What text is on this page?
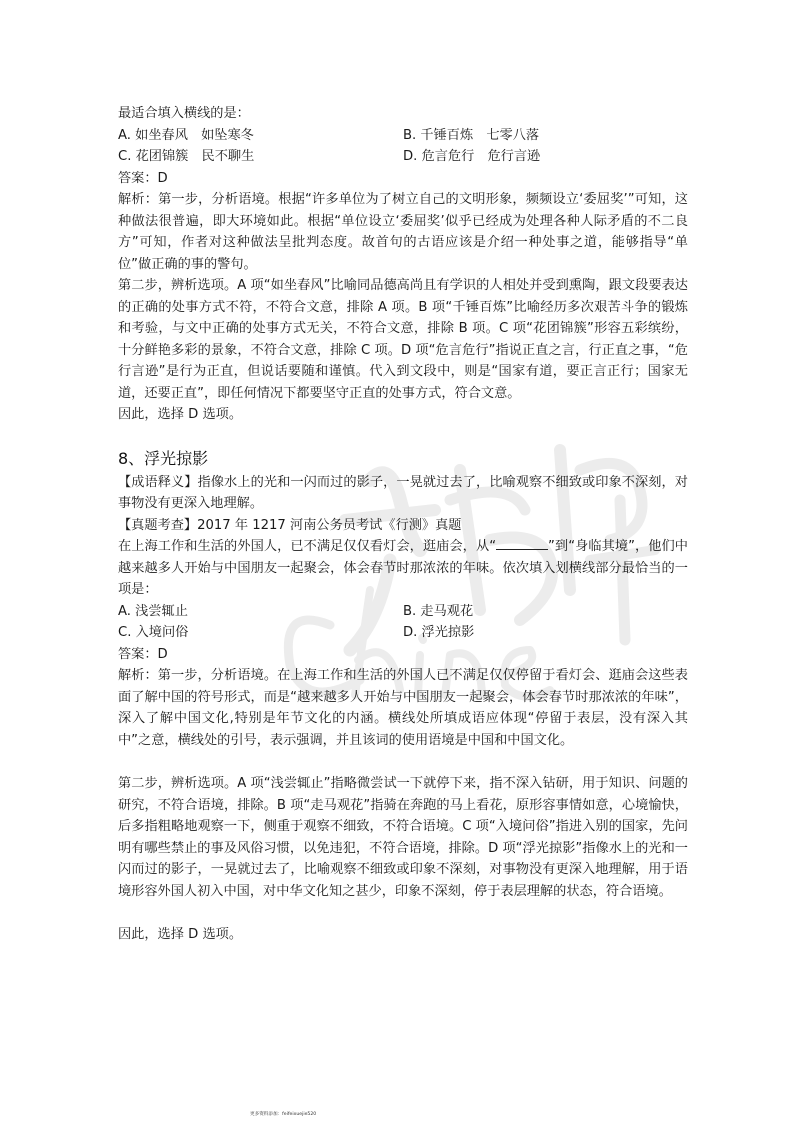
最适合填入横线的是：

A. 如坐春风　如坠寒冬	B. 千锤百炼　七零八落
C. 花团锦簇　民不聊生	D. 危言危行　危行言逊

答案：D

解析：第一步，分析语境。根据“许多单位为了树立自己的文明形象，频频设立‘委屈奖’”可知，这种做法很普遍，即大环境如此。根据“单位设立‘委屈奖’似乎已经成为处理各种人际矛盾的不二良方”可知，作者对这种做法呈批判态度。故首句的古语应该是介绍一种处事之道，能够指导“单位”做正确的事的警句。

第二步，辨析选项。A 项“如坐春风”比喻同品德高尚且有学识的人相处并受到熏陶，跟文段要表达的正确的处事方式不符，不符合文意，排除 A 项。B 项“千锤百炼”比喻经历多次艰苦斗争的锻炼和考验，与文中正确的处事方式无关，不符合文意，排除 B 项。C 项“花团锦簇”形容五彩缤纷，十分鲜艳多彩的景象，不符合文意，排除 C 项。D 项“危言危行”指说正直之言，行正直之事，“危行言逊”是行为正直，但说话要随和谨慎。代入到文段中，则是“国家有道，要正言正行；国家无道，还要正直”，即任何情况下都要坚守正直的处事方式，符合文意。

因此，选择 D 选项。

8、浮光掠影

【成语释义】指像水上的光和一闪而过的影子，一晃就过去了，比喻观察不细致或印象不深刻，对事物没有更深入地理解。

【真题考查】2017 年 1217 河南公务员考试《行测》真题

在上海工作和生活的外国人，已不满足仅仅看灯会，逛庙会，从“	”到“身临其境”，他们中越来越多人开始与中国朋友一起聚会，体会春节时那浓浓的年味。依次填入划横线部分最恰当的一项是：

A. 浅尝辄止	B. 走马观花
C. 入境问俗	D. 浮光掠影

答案：D

解析：第一步，分析语境。在上海工作和生活的外国人已不满足仅仅停留于看灯会、逛庙会这些表面了解中国的符号形式，而是“越来越多人开始与中国朋友一起聚会，体会春节时那浓浓的年味”，深入了解中国文化,特别是年节文化的内涵。横线处所填成语应体现“停留于表层，没有深入其中”之意，横线处的引号，表示强调，并且该词的使用语境是中国和中国文化。

第二步，辨析选项。A 项“浅尝辄止”指略微尝试一下就停下来，指不深入钻研，用于知识、问题的研究，不符合语境，排除。B 项“走马观花”指骑在奔跑的马上看花，原形容事情如意，心境愉快，后多指粗略地观察一下，侧重于观察不细致，不符合语境。C 项“入境问俗”指进入别的国家，先问明有哪些禁止的事及风俗习惯，以免违犯，不符合语境，排除。D 项“浮光掠影”指像水上的光和一闪而过的影子，一晃就过去了，比喻观察不细致或印象不深刻，对事物没有更深入地理解，用于语境形容外国人初入中国，对中华文化知之甚少，印象不深刻，停于表层理解的状态，符合语境。

因此，选择 D 选项。

更多资料添加：feifeixuejie520
